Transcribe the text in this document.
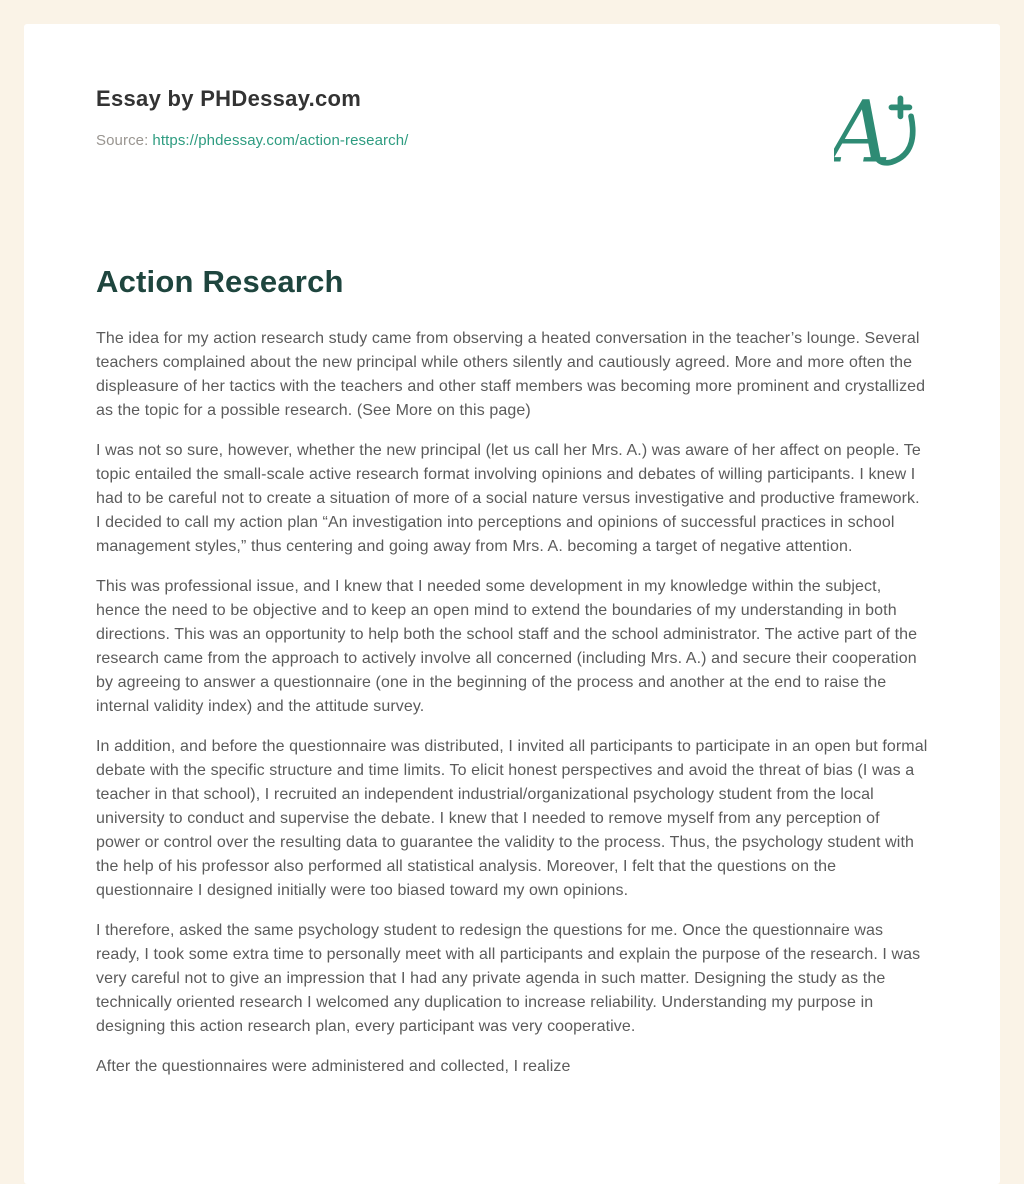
Essay by PHDessay.com
Source: https://phdessay.com/action-research/	A
Action Research

The idea for my action research study came from observing a heated conversation in the teacher’s lounge. Several teachers complained about the new principal while others silently and cautiously agreed. More and more often the displeasure of her tactics with the teachers and other staff members was becoming more prominent and crystallized as the topic for a possible research. (See More on this page)

I was not so sure, however, whether the new principal (let us call her Mrs. A.) was aware of her affect on people. Te topic entailed the small-scale active research format involving opinions and debates of willing participants. I knew I had to be careful not to create a situation of more of a social nature versus investigative and productive framework. I decided to call my action plan “An investigation into perceptions and opinions of successful practices in school management styles,” thus centering and going away from Mrs. A. becoming a target of negative attention.

This was professional issue, and I knew that I needed some development in my knowledge within the subject, hence the need to be objective and to keep an open mind to extend the boundaries of my understanding in both directions. This was an opportunity to help both the school staff and the school administrator. The active part of the research came from the approach to actively involve all concerned (including Mrs. A.) and secure their cooperation by agreeing to answer a questionnaire (one in the beginning of the process and another at the end to raise the internal validity index) and the attitude survey.

In addition, and before the questionnaire was distributed, I invited all participants to participate in an open but formal debate with the specific structure and time limits. To elicit honest perspectives and avoid the threat of bias (I was a teacher in that school), I recruited an independent industrial/organizational psychology student from the local university to conduct and supervise the debate. I knew that I needed to remove myself from any perception of power or control over the resulting data to guarantee the validity to the process. Thus, the psychology student with the help of his professor also performed all statistical analysis. Moreover, I felt that the questions on the questionnaire I designed initially were too biased toward my own opinions.

I therefore, asked the same psychology student to redesign the questions for me. Once the questionnaire was ready, I took some extra time to personally meet with all participants and explain the purpose of the research. I was very careful not to give an impression that I had any private agenda in such matter. Designing the study as the technically oriented research I welcomed any duplication to increase reliability. Understanding my purpose in designing this action research plan, every participant was very cooperative.

After the questionnaires were administered and collected, I realize
